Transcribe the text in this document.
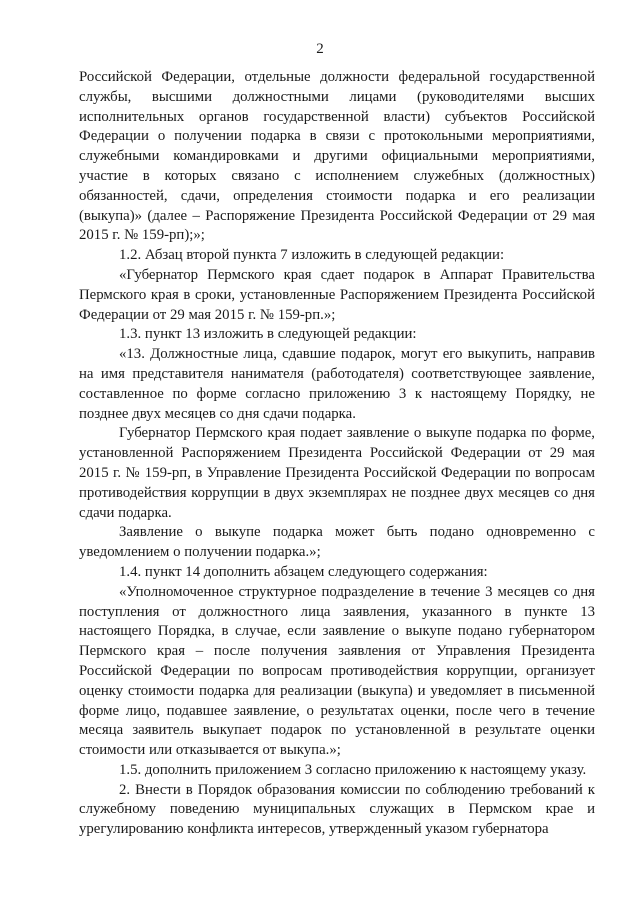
2

Российской Федерации, отдельные должности федеральной государственной службы, высшими должностными лицами (руководителями высших исполнительных органов государственной власти) субъектов Российской Федерации о получении подарка в связи с протокольными мероприятиями, служебными командировками и другими официальными мероприятиями, участие в которых связано с исполнением служебных (должностных) обязанностей, сдачи, определения стоимости подарка и его реализации (выкупа)» (далее – Распоряжение Президента Российской Федерации от 29 мая 2015 г. № 159-рп);»;

1.2. Абзац второй пункта 7 изложить в следующей редакции:

«Губернатор Пермского края сдает подарок в Аппарат Правительства Пермского края в сроки, установленные Распоряжением Президента Российской Федерации от 29 мая 2015 г. № 159-рп.»;

1.3. пункт 13 изложить в следующей редакции:

«13. Должностные лица, сдавшие подарок, могут его выкупить, направив на имя представителя нанимателя (работодателя) соответствующее заявление, составленное по форме согласно приложению 3 к настоящему Порядку, не позднее двух месяцев со дня сдачи подарка.

Губернатор Пермского края подает заявление о выкупе подарка по форме, установленной Распоряжением Президента Российской Федерации от 29 мая 2015 г. № 159-рп, в Управление Президента Российской Федерации по вопросам противодействия коррупции в двух экземплярах не позднее двух месяцев со дня сдачи подарка.

Заявление о выкупе подарка может быть подано одновременно с уведомлением о получении подарка.»;

1.4. пункт 14 дополнить абзацем следующего содержания:

«Уполномоченное структурное подразделение в течение 3 месяцев со дня поступления от должностного лица заявления, указанного в пункте 13 настоящего Порядка, в случае, если заявление о выкупе подано губернатором Пермского края – после получения заявления от Управления Президента Российской Федерации по вопросам противодействия коррупции, организует оценку стоимости подарка для реализации (выкупа) и уведомляет в письменной форме лицо, подавшее заявление, о результатах оценки, после чего в течение месяца заявитель выкупает подарок по установленной в результате оценки стоимости или отказывается от выкупа.»;

1.5. дополнить приложением 3 согласно приложению к настоящему указу.

2. Внести в Порядок образования комиссии по соблюдению требований к служебному поведению муниципальных служащих в Пермском крае и урегулированию конфликта интересов, утвержденный указом губернатора
